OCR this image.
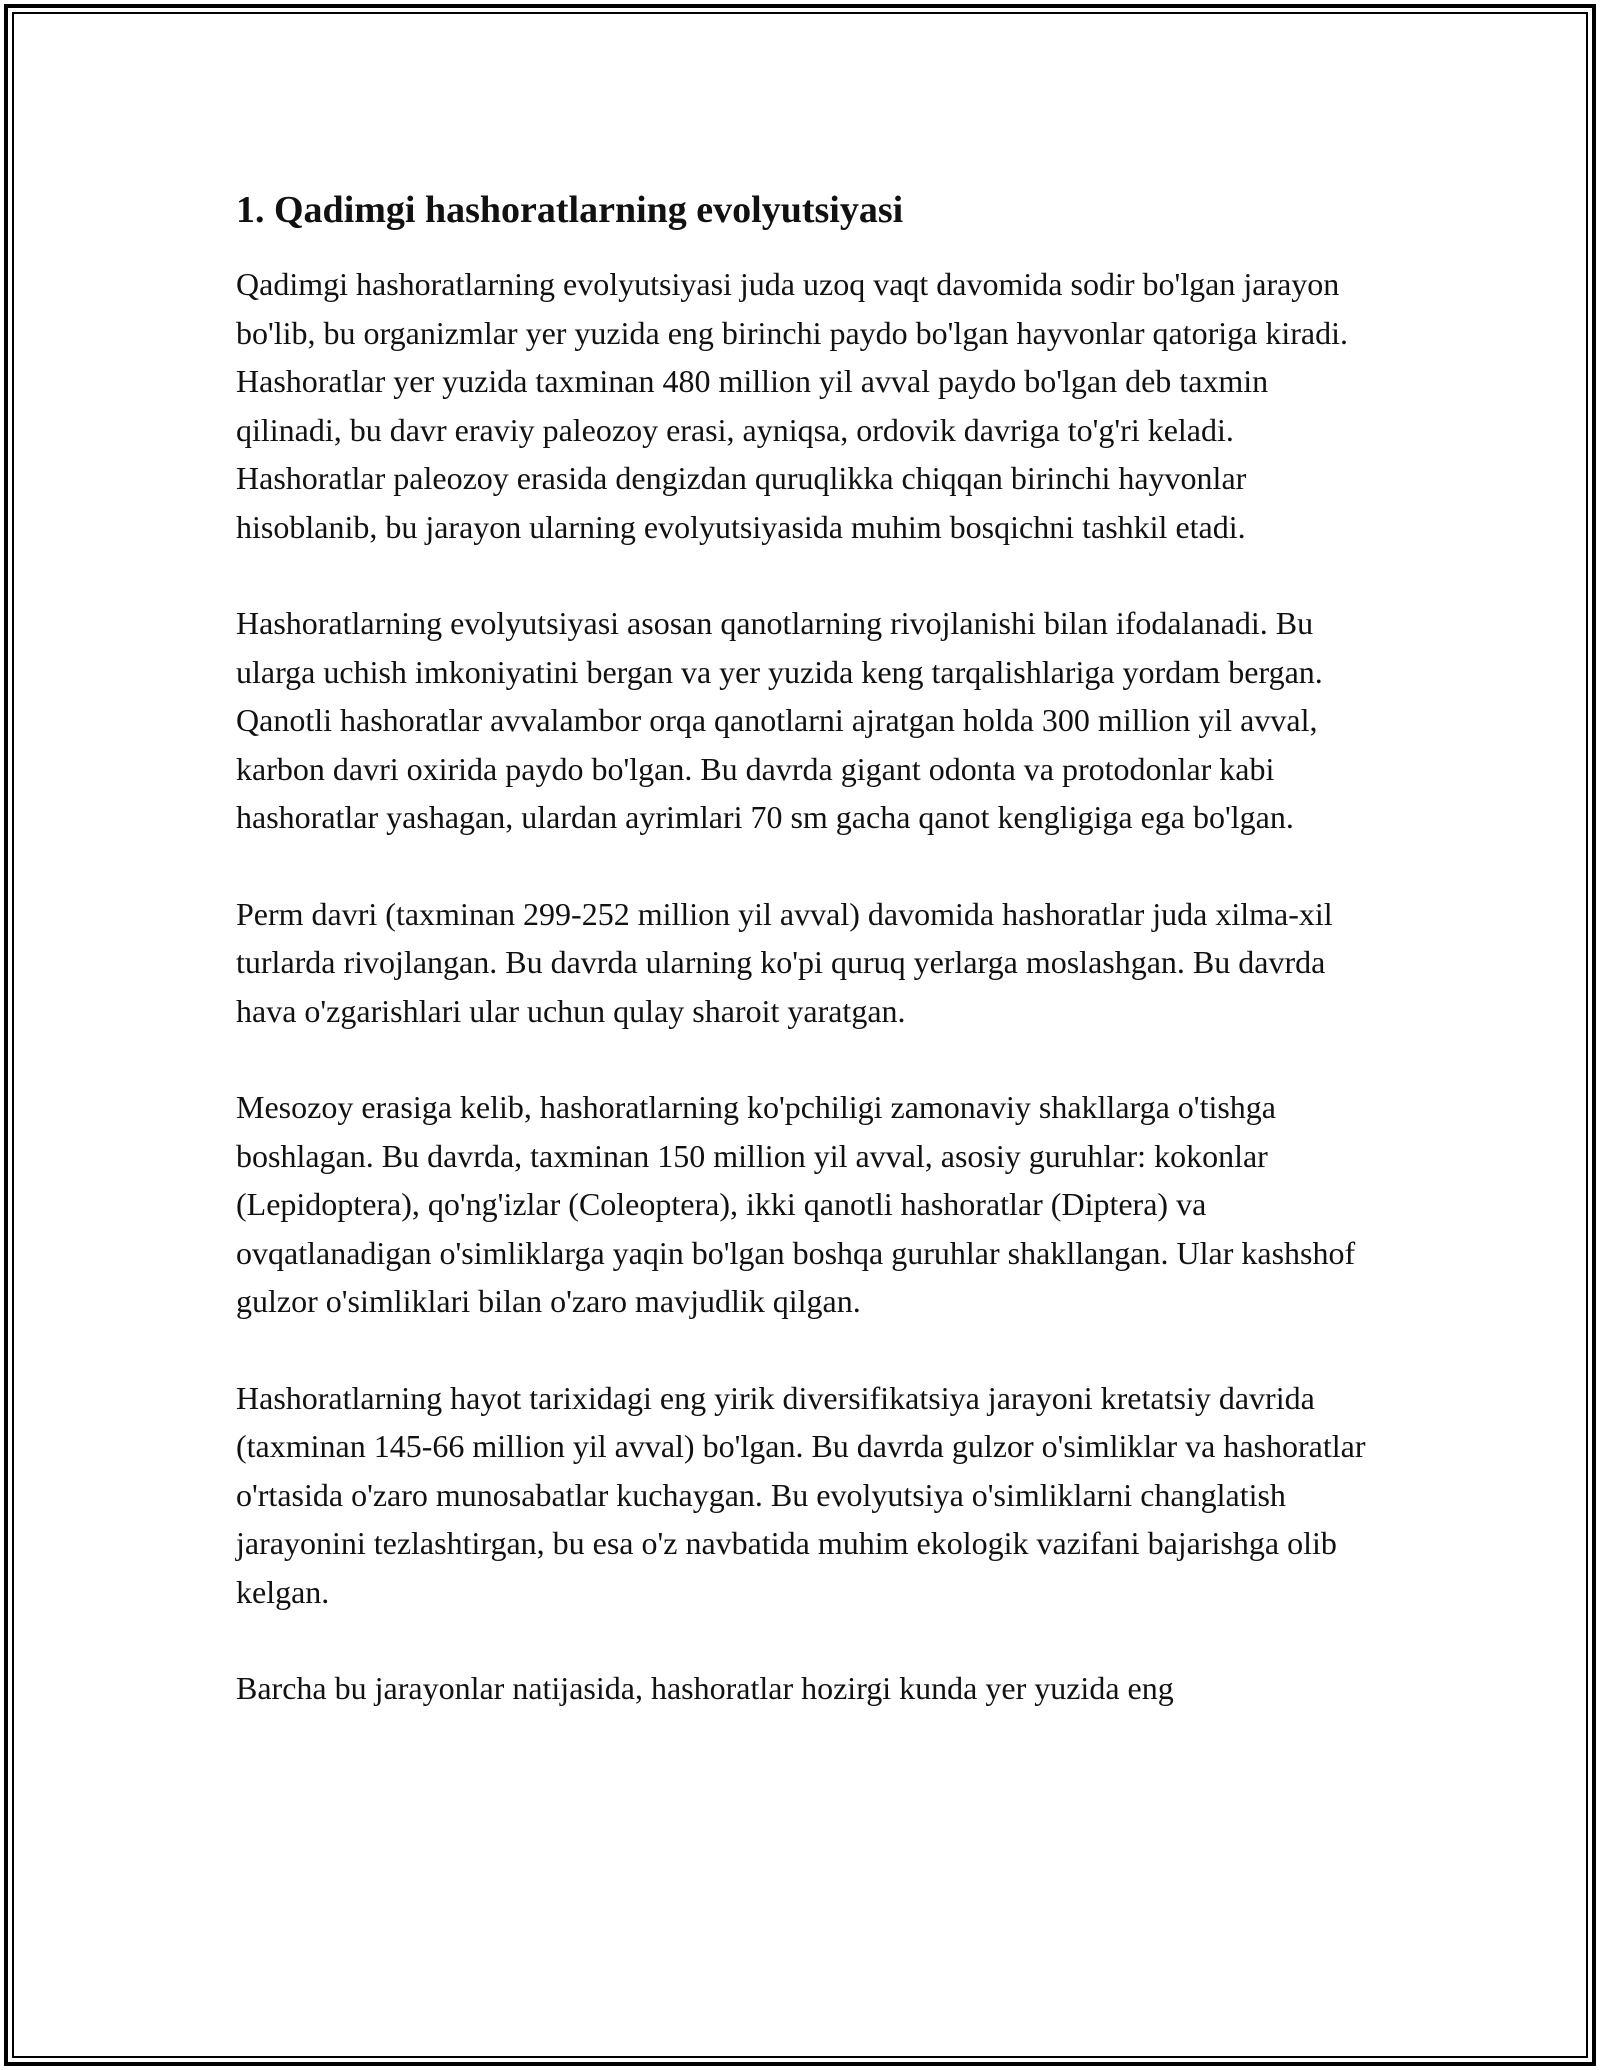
1. Qadimgi hashoratlarning evolyutsiyasi

Qadimgi hashoratlarning evolyutsiyasi juda uzoq vaqt davomida sodir bo'lgan jarayon bo'lib, bu organizmlar yer yuzida eng birinchi paydo bo'lgan hayvonlar qatoriga kiradi. Hashoratlar yer yuzida taxminan 480 million yil avval paydo bo'lgan deb taxmin qilinadi, bu davr eraviy paleozoy erasi, ayniqsa, ordovik davriga to'g'ri keladi. Hashoratlar paleozoy erasida dengizdan quruqlikka chiqqan birinchi hayvonlar hisoblanib, bu jarayon ularning evolyutsiyasida muhim bosqichni tashkil etadi.

Hashoratlarning evolyutsiyasi asosan qanotlarning rivojlanishi bilan ifodalanadi. Bu ularga uchish imkoniyatini bergan va yer yuzida keng tarqalishlariga yordam bergan. Qanotli hashoratlar avvalambor orqa qanotlarni ajratgan holda 300 million yil avval, karbon davri oxirida paydo bo'lgan. Bu davrda gigant odonta va protodonlar kabi hashoratlar yashagan, ulardan ayrimlari 70 sm gacha qanot kengligiga ega bo'lgan.

Perm davri (taxminan 299-252 million yil avval) davomida hashoratlar juda xilma-xil turlarda rivojlangan. Bu davrda ularning ko'pi quruq yerlarga moslashgan. Bu davrda hava o'zgarishlari ular uchun qulay sharoit yaratgan.

Mesozoy erasiga kelib, hashoratlarning ko'pchiligi zamonaviy shakllarga o'tishga boshlagan. Bu davrda, taxminan 150 million yil avval, asosiy guruhlar: kokonlar (Lepidoptera), qo'ng'izlar (Coleoptera), ikki qanotli hashoratlar (Diptera) va ovqatlanadigan o'simliklarga yaqin bo'lgan boshqa guruhlar shakllangan. Ular kashshof gulzor o'simliklari bilan o'zaro mavjudlik qilgan.

Hashoratlarning hayot tarixidagi eng yirik diversifikatsiya jarayoni kretatsiy davrida (taxminan 145-66 million yil avval) bo'lgan. Bu davrda gulzor o'simliklar va hashoratlar o'rtasida o'zaro munosabatlar kuchaygan. Bu evolyutsiya o'simliklarni changlatish jarayonini tezlashtirgan, bu esa o'z navbatida muhim ekologik vazifani bajarishga olib kelgan.

Barcha bu jarayonlar natijasida, hashoratlar hozirgi kunda yer yuzida eng
